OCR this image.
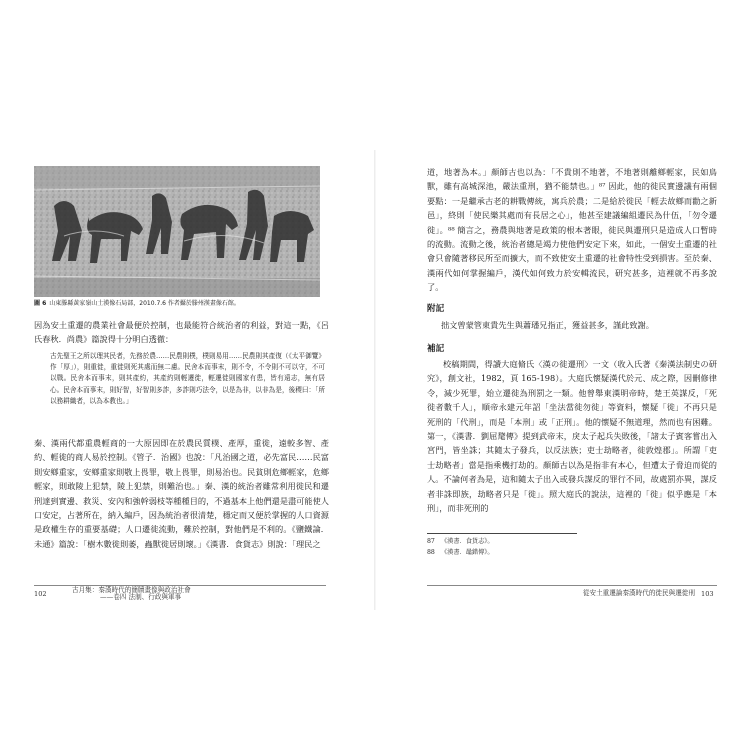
圖 6 山東滕縣黃家嶺山土漢像石局部，2010.7.6 作者攝於滕州漢畫像石館。

因為安土重遷的農業社會最便於控制，也最能符合統治者的利益，對這一點，《呂氏春秋．尚農》篇說得十分明白透徹：

古先聖王之所以理其民者，先務於農……民農則樸，樸則易用……民農則其產復（《太平御覽》作「厚」），則重徙，重徙則死其處而無二慮。民舍本而事末，則不令，不令則不可以守，不可以戰。民舍本而事末，則其產約，其產約則輕遷徙，輕遷徙則國家有患，皆有遠志，無有居心。民舍本而事末，則好智，好智則多詐，多詐則巧法令，以是為非，以非為是，後稷曰：「所以務耕織者，以為本教也。」

秦、漢兩代都重農輕商的一大原因即在於農民質樸、產厚，重徙，遠較多智、產約、輕徙的商人易於控制。《管子．治國》也說：「凡治國之道，必先富民……民富則安鄉重家，安鄉重家則敬上畏罪，敬上畏罪，則易治也。民貧則危鄉輕家，危鄉輕家，則敢陵上犯禁，陵上犯禁，則難治也。」秦、漢的統治者雖常利用徙民和遷刑達到實邊、救災、安內和強幹弱枝等種種目的，不過基本上他們還是盡可能使人口安定，占著所在，納入編戶，因為統治者很清楚，穩定而又便於掌握的人口資源是政權生存的重要基礎；人口遷徙流動，難於控制，對他們是不利的。《鹽鐵論．未通》篇說：「樹木數徙則萎，蟲獸徙居則壞。」《漢書．食貨志》則說：「理民之

102	古月集：秦漢時代的簡牘畫像與政治社會
——卷四 法制、行政與軍事

道，地著為本。」顏師古也以為：「不貴則不地著，不地著則離鄉輕家，民如鳥獸，雖有高城深池，嚴法重刑，猶不能禁也。」⁸⁷ 因此，他的徙民實邊議有兩個要點：一是繼承古老的耕戰傳統，寓兵於農；二是給於徙民「輕去故鄉而勸之新邑」，終則「使民樂其處而有長居之心」，他甚至建議編組遷民為什伍，「勿令遷徙」。⁸⁸ 簡言之，務農與地著是政策的根本著眼，徙民與遷刑只是造成人口暫時的流動。流動之後，統治者總是竭力使他們安定下來，如此，一個安土重遷的社會只會隨著移民所至而擴大，而不致使安土重遷的社會特性受到損害。至於秦、漢兩代如何掌握編戶，漢代如何致力於安輯流民，研究甚多，這裡就不再多說了。

附記

拙文曾蒙管東貴先生與蕭璠兄指正，獲益甚多，謹此致謝。

補記

校稿期間，得讀大庭脩氏〈漢の徙遷刑〉一文（收入氏著《秦漢法制史の研究》，創文社，1982，頁 165-198）。大庭氏懷疑漢代於元、成之際，因刪修律令，減少死罪，始立遷徙為刑罰之一類。他曾舉東漢明帝時，楚王英謀反，「死徙者數千人」，順帝永建元年詔「坐法當徙勿徙」等資料，懷疑「徙」不再只是死刑的「代刑」，而是「本刑」或「正刑」。他的懷疑不無道理，然而也有困難。第一，《漢書．劉屈氂傳》提到武帝末，戾太子起兵失敗後，「諸太子賓客嘗出入宮門，皆坐誅；其隨太子發兵，以反法族；吏士劫略者，徙敦煌郡」。所謂「吏士劫略者」當是指乘機打劫的。顏師古以為是指非有本心，但遭太子脅迫而從的人。不論何者為是，這和隨太子出入或發兵謀反的罪行不同，故處罰亦異，謀反者非誅即族，劫略者只是「徙」。照大庭氏的說法，這裡的「徙」似乎應是「本刑」，而非死刑的

87 《漢書．食貨志》。
88 《漢書．鼂錯傳》。
從安土重遷論秦漢時代的徙民與遷徙刑 103
